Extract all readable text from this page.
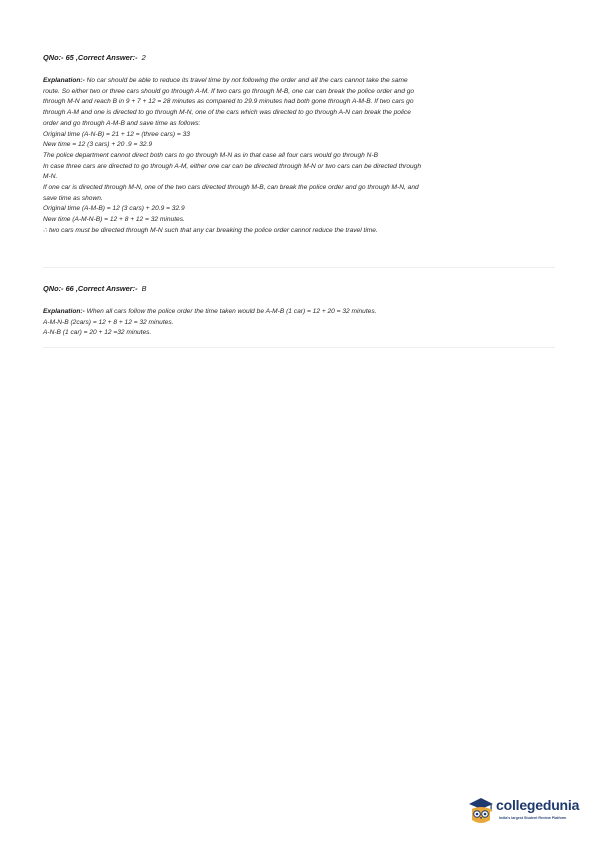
QNo:- 65 ,Correct Answer:- 2
Explanation:- No car should be able to reduce its travel time by not following the order and all the cars cannot take the same
route. So either two or three cars should go through A-M. If two cars go through M-B, one car can break the police order and go
through M-N and reach B in 9 + 7 + 12 = 28 minutes as compared to 29.9 minutes had both gone through A-M-B. If two cars go
through A-M and one is directed to go through M-N, one of the cars which was directed to go through A-N can break the police
order and go through A-M-B and save time as follows:
Original time (A-N-B) = 21 + 12 = (three cars) = 33
New time = 12 (3 cars) + 20 .9 = 32.9
The police department cannot direct both cars to go through M-N as in that case all four cars would go through N-B
In case three cars are directed to go through A-M, either one car can be directed through M-N or two cars can be directed through
M-N.
If one car is directed through M-N, one of the two cars directed through M-B, can break the police order and go through M-N, and
save time as shown.
Original time (A-M-B) = 12 (3 cars) + 20.9 = 32.9
New time (A-M-N-B) = 12 + 8 + 12 = 32 minutes.
∴ two cars must be directed through M-N such that any car breaking the police order cannot reduce the travel time.
QNo:- 66 ,Correct Answer:- B
Explanation:- When all cars follow the police order the time taken would be A-M-B (1 car) = 12 + 20 = 32 minutes.
A-M-N-B (2cars) = 12 + 8 + 12 = 32 minutes.
A-N-B (1 car) = 20 + 12 =32 minutes.
collegedunia
India's largest Student Review Platform
